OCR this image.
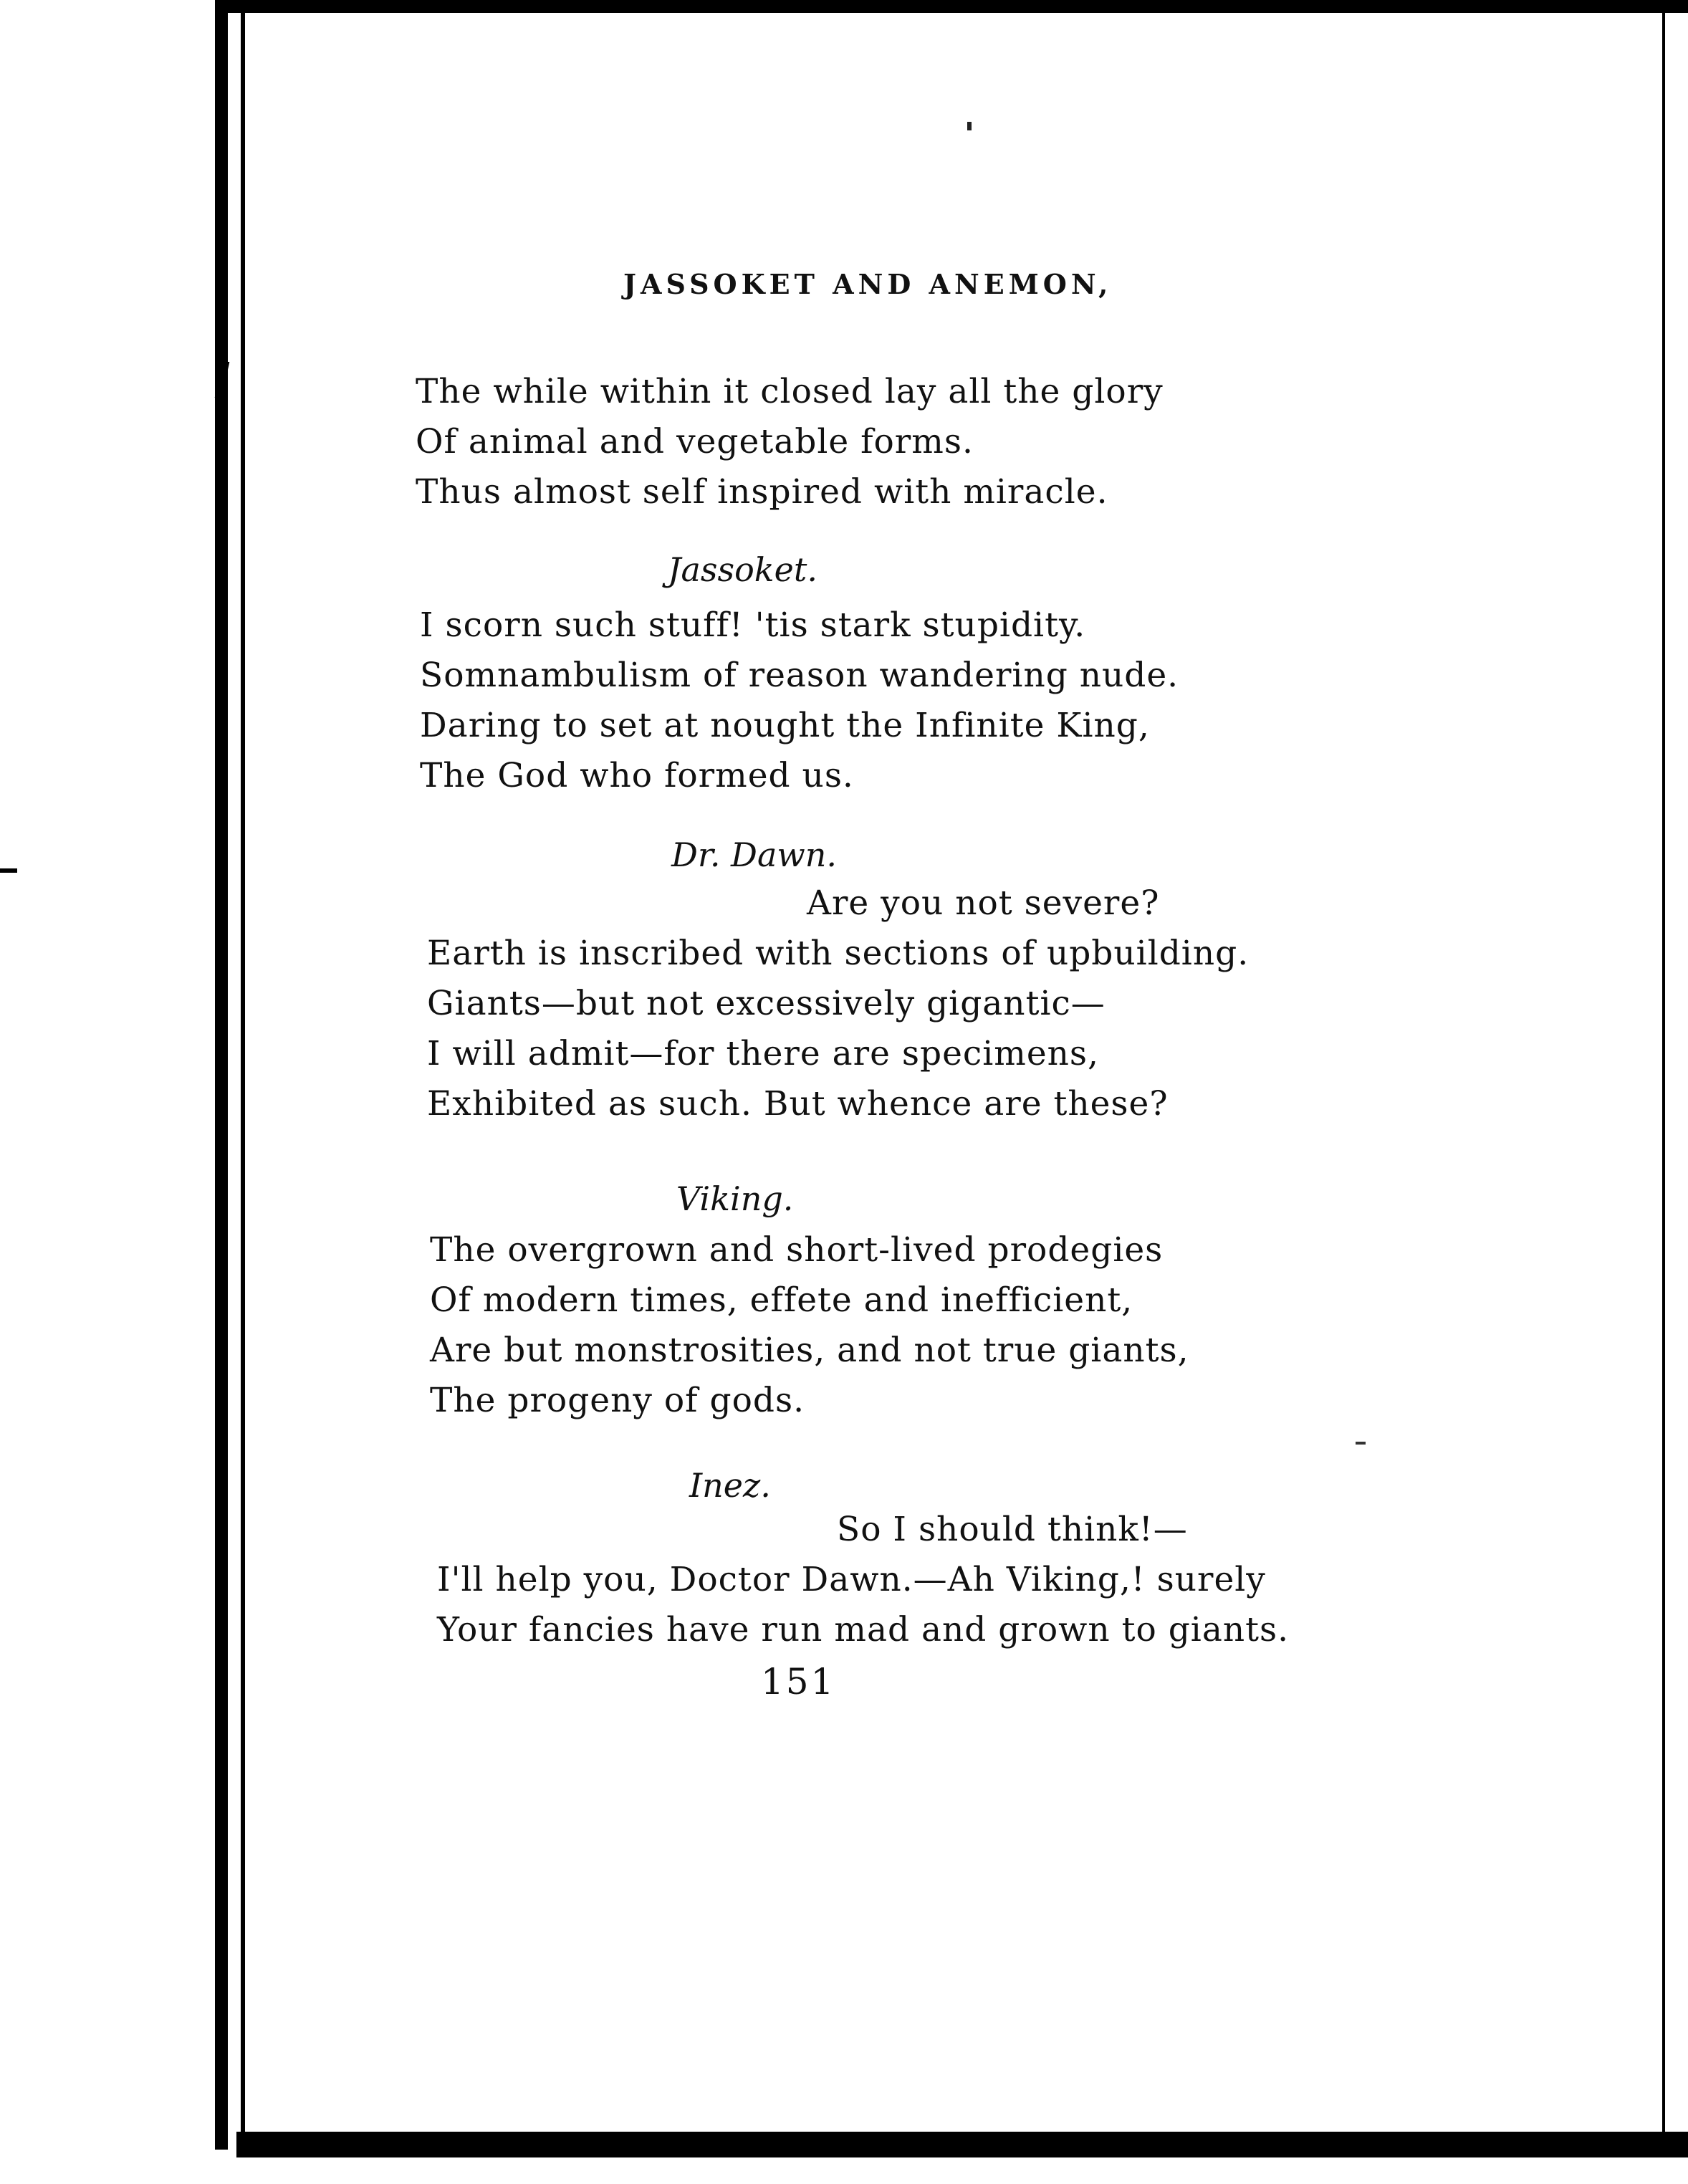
JASSOKET AND ANEMON,
The while within it closed lay all the glory
Of animal and vegetable forms.
Thus almost self inspired with miracle.
Jassoket.
I scorn such stuff! 'tis stark stupidity.
Somnambulism of reason wandering nude.
Daring to set at nought the Infinite King,
The God who formed us.
Dr. Dawn.
Are you not severe?
Earth is inscribed with sections of upbuilding.
Giants—but not excessively gigantic—
I will admit—for there are specimens,
Exhibited as such. But whence are these?
Viking.
The overgrown and short-lived prodegies
Of modern times, effete and inefficient,
Are but monstrosities, and not true giants,
The progeny of gods.
Inez.
So I should think!—
I'll help you, Doctor Dawn.—Ah Viking,! surely
Your fancies have run mad and grown to giants.
151
